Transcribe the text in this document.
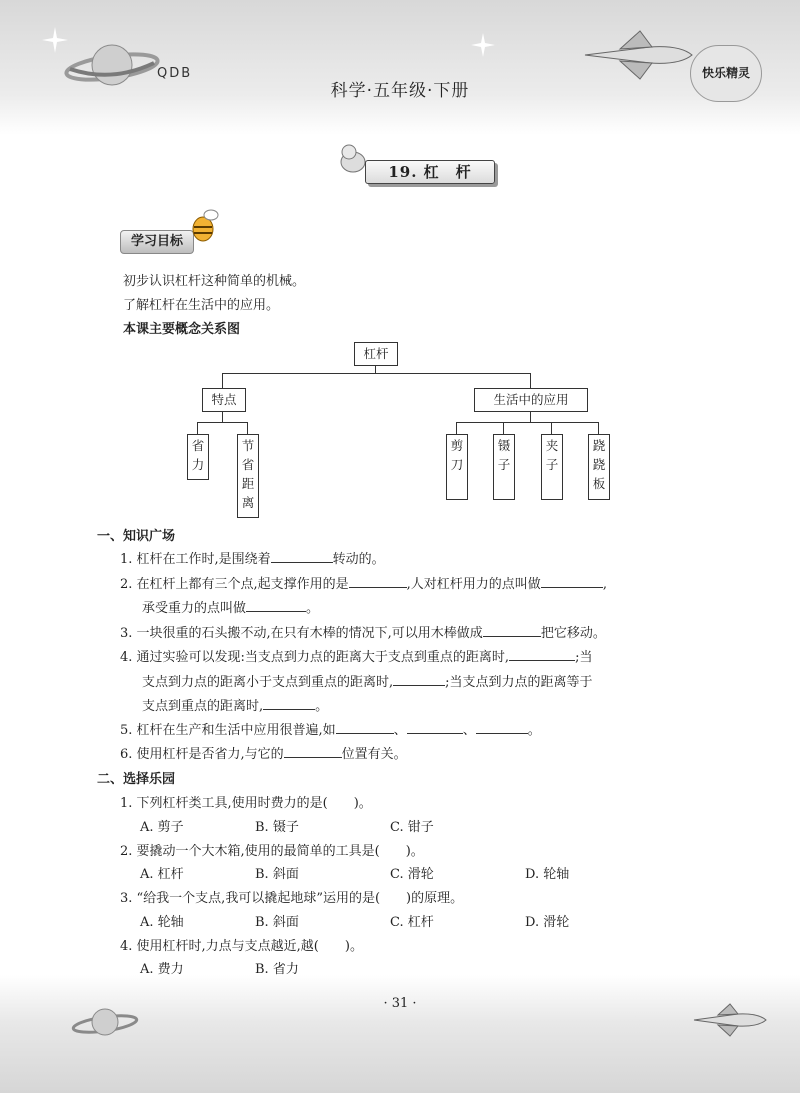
快乐精灵
QDB
科学·五年级·下册
19. 杠　杆
学习目标
初步认识杠杆这种简单的机械。
了解杠杆在生活中的应用。
本课主要概念关系图
杠杆
特点	生活中的应用
省力
节省距离
剪刀
镊子
夹子
跷跷板
一、知识广场
1. 杠杆在工作时,是围绕着	转动的。
2. 在杠杆上都有三个点,起支撑作用的是	,人对杠杆用力的点叫做	,
承受重力的点叫做	。
3. 一块很重的石头搬不动,在只有木棒的情况下,可以用木棒做成	把它移动。
4. 通过实验可以发现:当支点到力点的距离大于支点到重点的距离时,	;当
支点到力点的距离小于支点到重点的距离时,	;当支点到力点的距离等于
支点到重点的距离时,	。
5. 杠杆在生产和生活中应用很普遍,如	、	、	。
6. 使用杠杆是否省力,与它的	位置有关。
二、选择乐园
1. 下列杠杆类工具,使用时费力的是(　　)。
A. 剪子	B. 镊子	C. 钳子
2. 要撬动一个大木箱,使用的最简单的工具是(　　)。
A. 杠杆	B. 斜面	C. 滑轮	D. 轮轴
3. “给我一个支点,我可以撬起地球”运用的是(　　)的原理。
A. 轮轴	B. 斜面	C. 杠杆	D. 滑轮
4. 使用杠杆时,力点与支点越近,越(　　)。
A. 费力	B. 省力
· 31 ·
